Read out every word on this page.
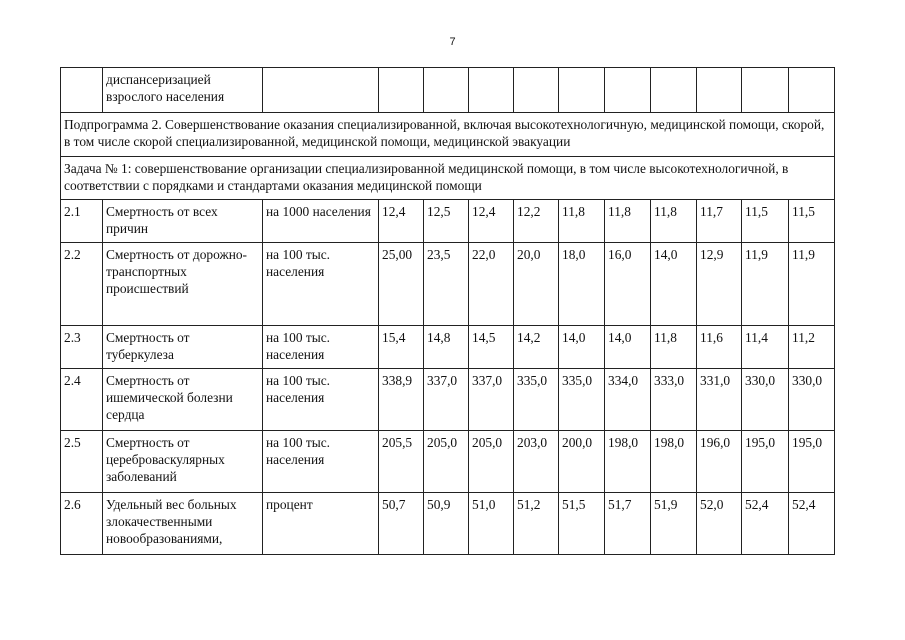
7
	диспансеризацией взрослого населения											
Подпрограмма 2. Совершенствование оказания специализированной, включая высокотехнологичную, медицинской помощи, скорой, в том числе скорой специализированной, медицинской помощи, медицинской эвакуации												
Задача № 1: совершенствование организации специализированной медицинской помощи, в том числе высокотехнологичной, в соответствии с порядками и стандартами оказания медицинской помощи												
2.1	Смертность от всех причин	на 1000 населения	12,4	12,5	12,4	12,2	11,8	11,8	11,8	11,7	11,5	11,5
2.2	Смертность от дорожно-транспортных происшествий	на 100 тыс. населения	25,00	23,5	22,0	20,0	18,0	16,0	14,0	12,9	11,9	11,9
2.3	Смертность от туберкулеза	на 100 тыс. населения	15,4	14,8	14,5	14,2	14,0	14,0	11,8	11,6	11,4	11,2
2.4	Смертность от ишемической болезни сердца	на 100 тыс. населения	338,9	337,0	337,0	335,0	335,0	334,0	333,0	331,0	330,0	330,0
2.5	Смертность от цереброваскулярных заболеваний	на 100 тыс. населения	205,5	205,0	205,0	203,0	200,0	198,0	198,0	196,0	195,0	195,0
2.6	Удельный вес больных злокачественными новообразованиями,	процент	50,7	50,9	51,0	51,2	51,5	51,7	51,9	52,0	52,4	52,4
